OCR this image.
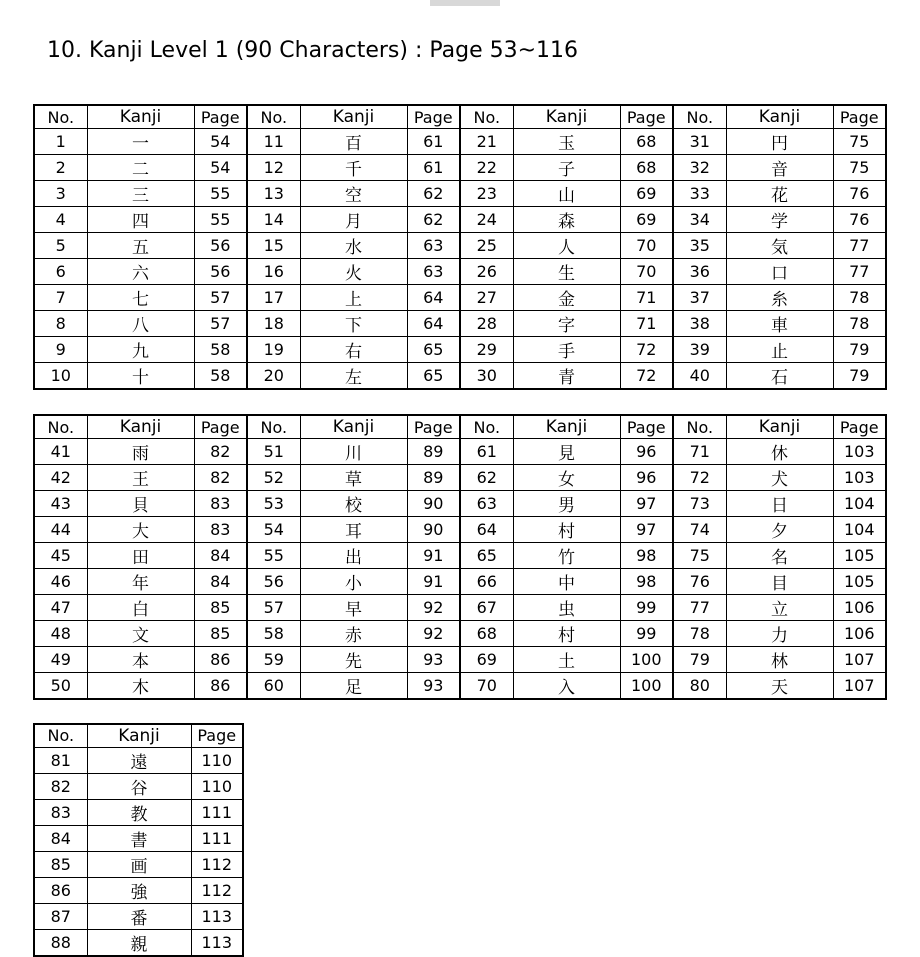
10. Kanji Level 1 (90 Characters) : Page 53~116
No.	Kanji	Page	No.	Kanji	Page	No.	Kanji	Page	No.	Kanji	Page
1	一	54	11	百	61	21	玉	68	31	円	75
2	二	54	12	千	61	22	子	68	32	音	75
3	三	55	13	空	62	23	山	69	33	花	76
4	四	55	14	月	62	24	森	69	34	学	76
5	五	56	15	水	63	25	人	70	35	気	77
6	六	56	16	火	63	26	生	70	36	口	77
7	七	57	17	上	64	27	金	71	37	糸	78
8	八	57	18	下	64	28	字	71	38	車	78
9	九	58	19	右	65	29	手	72	39	止	79
10	十	58	20	左	65	30	青	72	40	石	79
No.	Kanji	Page	No.	Kanji	Page	No.	Kanji	Page	No.	Kanji	Page
41	雨	82	51	川	89	61	見	96	71	休	103
42	王	82	52	草	89	62	女	96	72	犬	103
43	貝	83	53	校	90	63	男	97	73	日	104
44	大	83	54	耳	90	64	村	97	74	夕	104
45	田	84	55	出	91	65	竹	98	75	名	105
46	年	84	56	小	91	66	中	98	76	目	105
47	白	85	57	早	92	67	虫	99	77	立	106
48	文	85	58	赤	92	68	村	99	78	力	106
49	本	86	59	先	93	69	土	100	79	林	107
50	木	86	60	足	93	70	入	100	80	天	107
No.	Kanji	Page
81	遠	110
82	谷	110
83	教	111
84	書	111
85	画	112
86	強	112
87	番	113
88	親	113
